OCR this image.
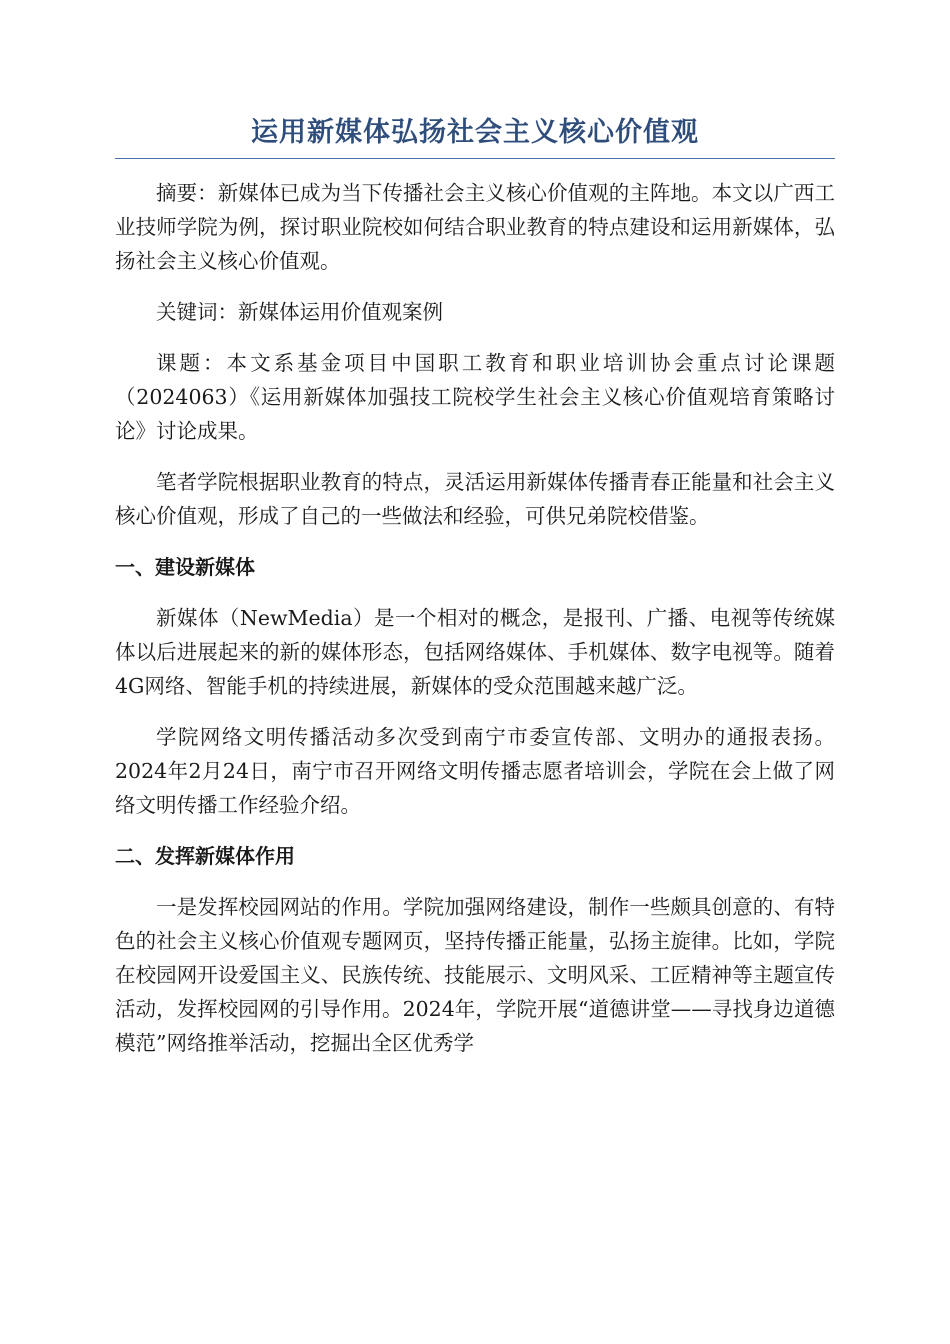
运用新媒体弘扬社会主义核心价值观

摘要：新媒体已成为当下传播社会主义核心价值观的主阵地。本文以广西工业技师学院为例，探讨职业院校如何结合职业教育的特点建设和运用新媒体，弘扬社会主义核心价值观。

关键词：新媒体运用价值观案例

课题：本文系基金项目中国职工教育和职业培训协会重点讨论课题（2024063）《运用新媒体加强技工院校学生社会主义核心价值观培育策略讨论》讨论成果。

笔者学院根据职业教育的特点，灵活运用新媒体传播青春正能量和社会主义核心价值观，形成了自己的一些做法和经验，可供兄弟院校借鉴。

一、建设新媒体

新媒体（NewMedia）是一个相对的概念，是报刊、广播、电视等传统媒体以后进展起来的新的媒体形态，包括网络媒体、手机媒体、数字电视等。随着4G网络、智能手机的持续进展，新媒体的受众范围越来越广泛。

学院网络文明传播活动多次受到南宁市委宣传部、文明办的通报表扬。2024年2月24日，南宁市召开网络文明传播志愿者培训会，学院在会上做了网络文明传播工作经验介绍。

二、发挥新媒体作用

一是发挥校园网站的作用。学院加强网络建设，制作一些颇具创意的、有特色的社会主义核心价值观专题网页，坚持传播正能量，弘扬主旋律。比如，学院在校园网开设爱国主义、民族传统、技能展示、文明风采、工匠精神等主题宣传活动，发挥校园网的引导作用。2024年，学院开展“道德讲堂——寻找身边道德模范”网络推举活动，挖掘出全区优秀学
